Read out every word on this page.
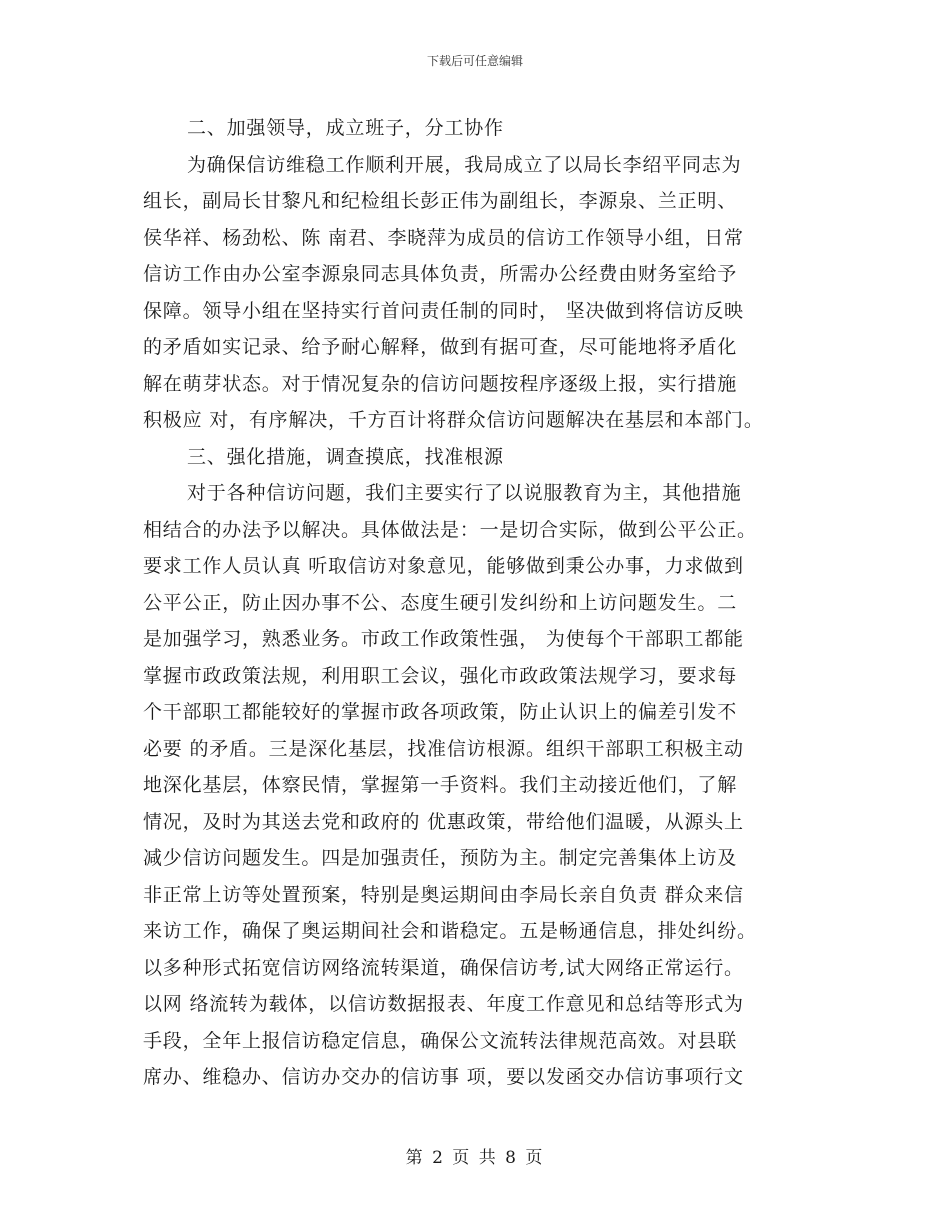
下载后可任意编辑
二、加强领导，成立班子，分工协作
为确保信访维稳工作顺利开展，我局成立了以局长李绍平同志为
组长，副局长甘黎凡和纪检组长彭正伟为副组长，李源泉、兰正明、
侯华祥、杨劲松、陈 南君、李晓萍为成员的信访工作领导小组，日常
信访工作由办公室李源泉同志具体负责，所需办公经费由财务室给予
保障。领导小组在坚持实行首问责任制的同时， 坚决做到将信访反映
的矛盾如实记录、给予耐心解释，做到有据可查，尽可能地将矛盾化
解在萌芽状态。对于情况复杂的信访问题按程序逐级上报，实行措施
积极应 对，有序解决，千方百计将群众信访问题解决在基层和本部门。
三、强化措施，调查摸底，找准根源
对于各种信访问题，我们主要实行了以说服教育为主，其他措施
相结合的办法予以解决。具体做法是：一是切合实际，做到公平公正。
要求工作人员认真 听取信访对象意见，能够做到秉公办事，力求做到
公平公正，防止因办事不公、态度生硬引发纠纷和上访问题发生。二
是加强学习，熟悉业务。市政工作政策性强， 为使每个干部职工都能
掌握市政政策法规，利用职工会议，强化市政政策法规学习，要求每
个干部职工都能较好的掌握市政各项政策，防止认识上的偏差引发不
必要 的矛盾。三是深化基层，找准信访根源。组织干部职工积极主动
地深化基层，体察民情，掌握第一手资料。我们主动接近他们，了解
情况，及时为其送去党和政府的 优惠政策，带给他们温暖，从源头上
减少信访问题发生。四是加强责任，预防为主。制定完善集体上访及
非正常上访等处置预案，特别是奥运期间由李局长亲自负责 群众来信
来访工作，确保了奥运期间社会和谐稳定。五是畅通信息，排处纠纷。
以多种形式拓宽信访网络流转渠道，确保信访考,试大网络正常运行。
以网 络流转为载体，以信访数据报表、年度工作意见和总结等形式为
手段，全年上报信访稳定信息，确保公文流转法律规范高效。对县联
席办、维稳办、信访办交办的信访事 项，要以发函交办信访事项行文
第 2 页 共 8 页
